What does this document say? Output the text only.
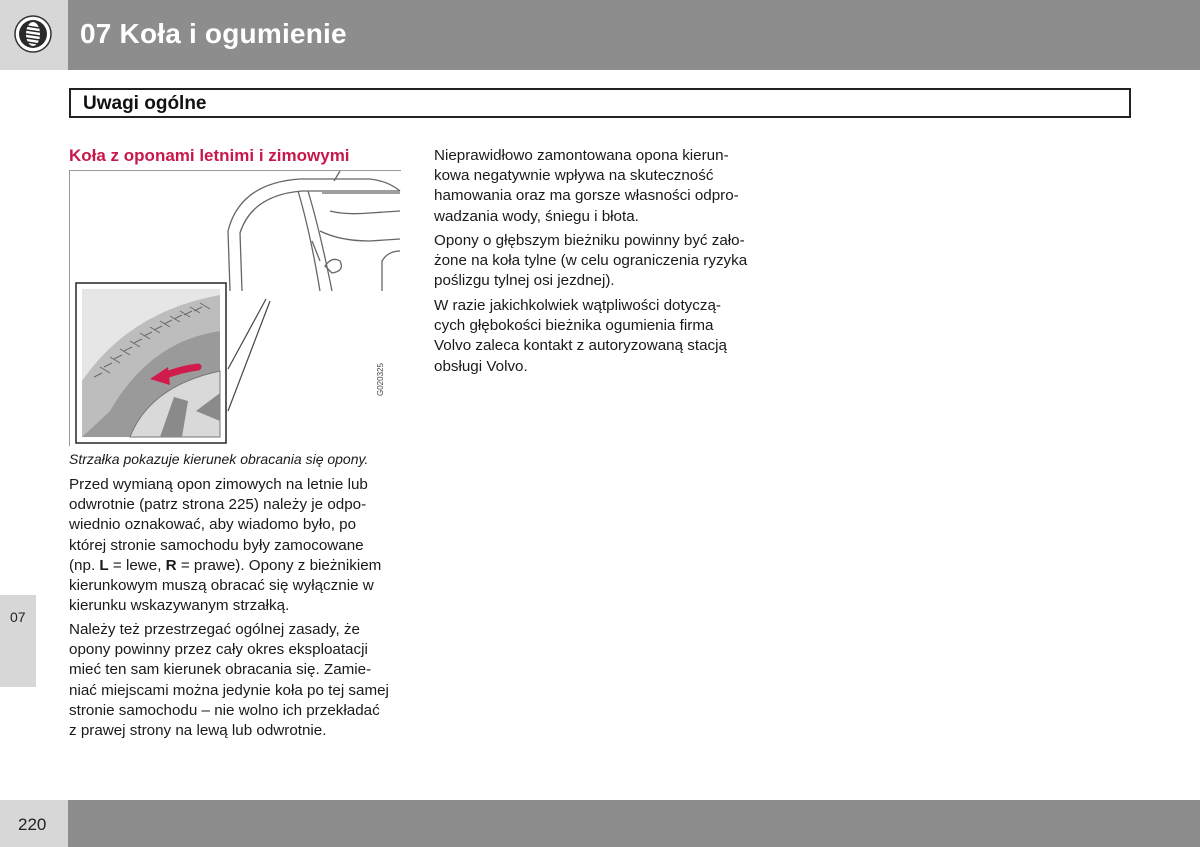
07 Koła i ogumienie
Uwagi ogólne
Koła z oponami letnimi i zimowymi
G020325
Strzałka pokazuje kierunek obracania się opony.

Przed wymianą opon zimowych na letnie lub

odwrotnie (patrz strona 225) należy je odpo-

wiednio oznakować, aby wiadomo było, po

której stronie samochodu były zamocowane

(np. L = lewe, R = prawe). Opony z bieżnikiem

kierunkowym muszą obracać się wyłącznie w

kierunku wskazywanym strzałką.

Należy też przestrzegać ogólnej zasady, że

opony powinny przez cały okres eksploatacji

mieć ten sam kierunek obracania się. Zamie-

niać miejscami można jedynie koła po tej samej

stronie samochodu – nie wolno ich przekładać

z prawej strony na lewą lub odwrotnie.

Nieprawidłowo zamontowana opona kierun-

kowa negatywnie wpływa na skuteczność

hamowania oraz ma gorsze własności odpro-

wadzania wody, śniegu i błota.

Opony o głębszym bieżniku powinny być zało-

żone na koła tylne (w celu ograniczenia ryzyka

poślizgu tylnej osi jezdnej).

W razie jakichkolwiek wątpliwości dotyczą-

cych głębokości bieżnika ogumienia firma

Volvo zaleca kontakt z autoryzowaną stacją

obsługi Volvo.

07
220
